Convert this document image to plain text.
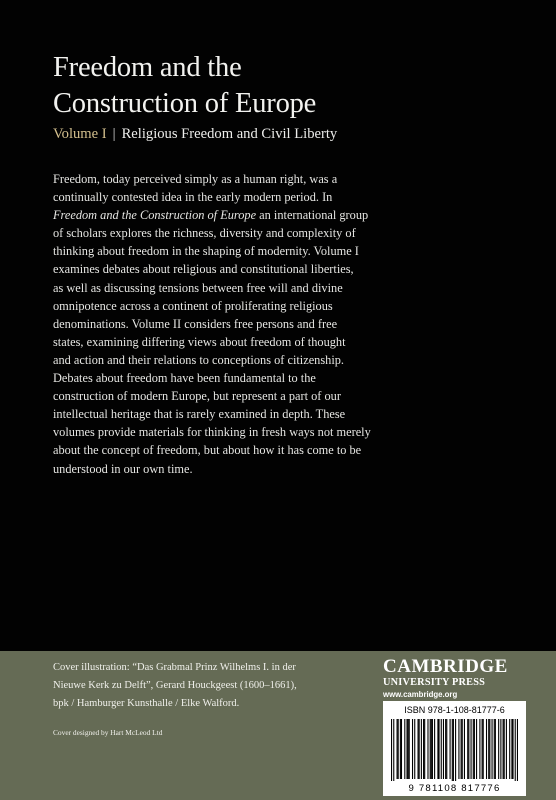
Freedom and the
Construction of Europe
Volume I | Religious Freedom and Civil Liberty
Freedom, today perceived simply as a human right, was a
continually contested idea in the early modern period. In
Freedom and the Construction of Europe an international group
of scholars explores the richness, diversity and complexity of
thinking about freedom in the shaping of modernity. Volume I
examines debates about religious and constitutional liberties,
as well as discussing tensions between free will and divine
omnipotence across a continent of proliferating religious
denominations. Volume II considers free persons and free
states, examining differing views about freedom of thought
and action and their relations to conceptions of citizenship.
Debates about freedom have been fundamental to the
construction of modern Europe, but represent a part of our
intellectual heritage that is rarely examined in depth. These
volumes provide materials for thinking in fresh ways not merely
about the concept of freedom, but about how it has come to be
understood in our own time.
Cover illustration: “Das Grabmal Prinz Wilhelms I. in der
Nieuwe Kerk zu Delft”, Gerard Houckgeest (1600–1661),
bpk / Hamburger Kunsthalle / Elke Walford.
Cover designed by Hart McLeod Ltd
CAMBRIDGE
UNIVERSITY PRESS
www.cambridge.org
ISBN 978-1-108-81777-6
9 781108 817776
